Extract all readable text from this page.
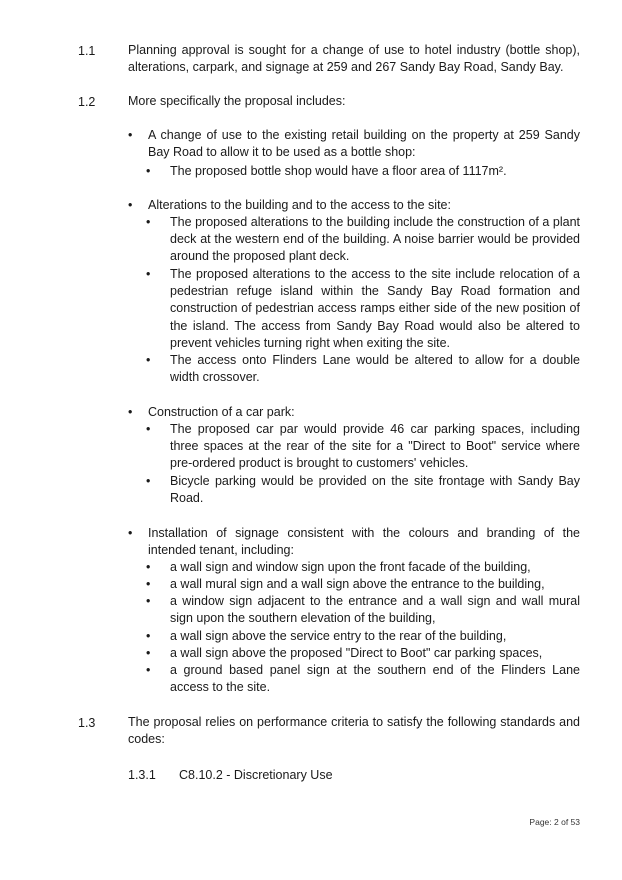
1.1	Planning approval is sought for a change of use to hotel industry (bottle shop), alterations, carpark, and signage at 259 and 267 Sandy Bay Road, Sandy Bay.
1.2	More specifically the proposal includes:
•	A change of use to the existing retail building on the property at 259 Sandy Bay Road to allow it to be used as a bottle shop:
•	The proposed bottle shop would have a floor area of 1117m².
•	Alterations to the building and to the access to the site:
•	The proposed alterations to the building include the construction of a plant deck at the western end of the building. A noise barrier would be provided around the proposed plant deck.
•	The proposed alterations to the access to the site include relocation of a pedestrian refuge island within the Sandy Bay Road formation and construction of pedestrian access ramps either side of the new position of the island. The access from Sandy Bay Road would also be altered to prevent vehicles turning right when exiting the site.
•	The access onto Flinders Lane would be altered to allow for a double width crossover.
•	Construction of a car park:
•	The proposed car par would provide 46 car parking spaces, including three spaces at the rear of the site for a "Direct to Boot" service where pre-ordered product is brought to customers' vehicles.
•	Bicycle parking would be provided on the site frontage with Sandy Bay Road.
•	Installation of signage consistent with the colours and branding of the intended tenant, including:
•	a wall sign and window sign upon the front facade of the building,
•	a wall mural sign and a wall sign above the entrance to the building,
•	a window sign adjacent to the entrance and a wall sign and wall mural sign upon the southern elevation of the building,
•	a wall sign above the service entry to the rear of the building,
•	a wall sign above the proposed "Direct to Boot" car parking spaces,
•	a ground based panel sign at the southern end of the Flinders Lane access to the site.
1.3	The proposal relies on performance criteria to satisfy the following standards and codes:
1.3.1 C8.10.2 - Discretionary Use
Page: 2 of 53
